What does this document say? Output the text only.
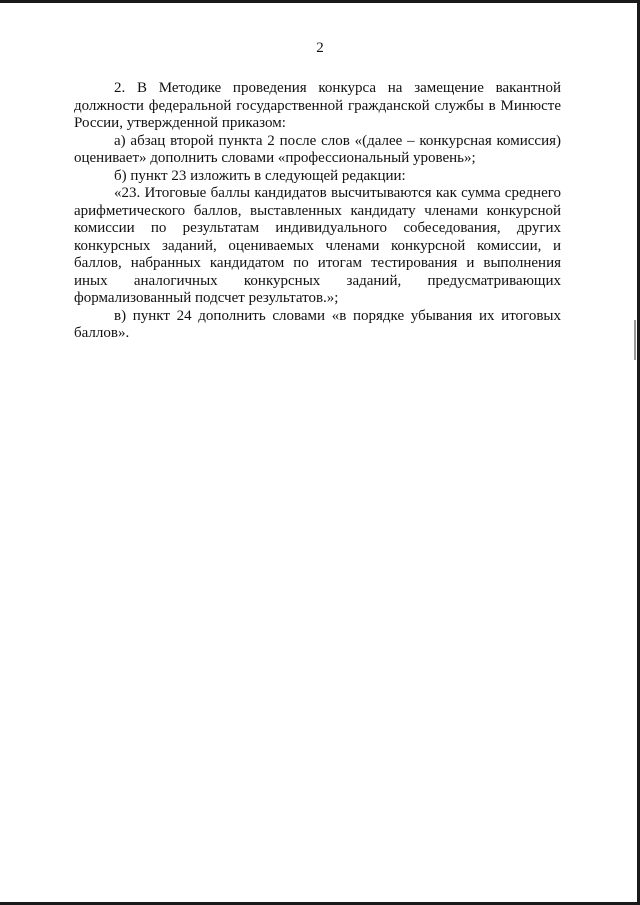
2

2. В Методике проведения конкурса на замещение вакантной должности федеральной государственной гражданской службы в Минюсте России, утвержденной приказом:

а) абзац второй пункта 2 после слов «(далее – конкурсная комиссия) оценивает» дополнить словами «профессиональный уровень»;

б) пункт 23 изложить в следующей редакции:

«23. Итоговые баллы кандидатов высчитываются как сумма среднего арифметического баллов, выставленных кандидату членами конкурсной комиссии по результатам индивидуального собеседования, других конкурсных заданий, оцениваемых членами конкурсной комиссии, и баллов, набранных кандидатом по итогам тестирования и выполнения иных аналогичных конкурсных заданий, предусматривающих формализованный подсчет результатов.»;

в) пункт 24 дополнить словами «в порядке убывания их итоговых баллов».
